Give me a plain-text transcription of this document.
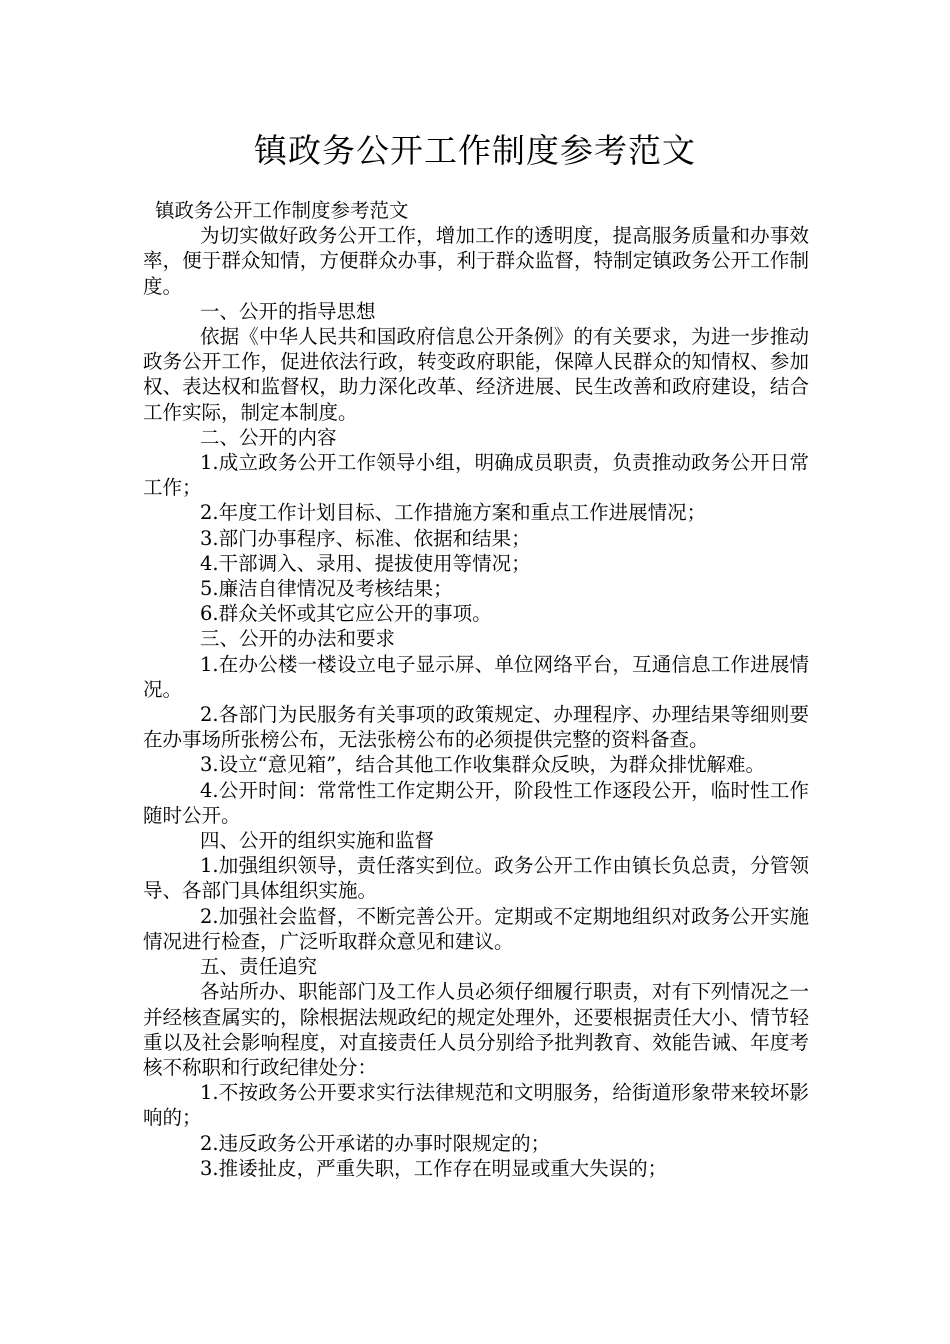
镇政务公开工作制度参考范文

镇政务公开工作制度参考范文

为切实做好政务公开工作，增加工作的透明度，提高服务质量和办事效率，便于群众知情，方便群众办事，利于群众监督，特制定镇政务公开工作制度。

一、公开的指导思想

依据《中华人民共和国政府信息公开条例》的有关要求，为进一步推动政务公开工作，促进依法行政，转变政府职能，保障人民群众的知情权、参加权、表达权和监督权，助力深化改革、经济进展、民生改善和政府建设，结合工作实际，制定本制度。

二、公开的内容

1.成立政务公开工作领导小组，明确成员职责，负责推动政务公开日常工作；

2.年度工作计划目标、工作措施方案和重点工作进展情况；

3.部门办事程序、标准、依据和结果；

4.干部调入、录用、提拔使用等情况；

5.廉洁自律情况及考核结果；

6.群众关怀或其它应公开的事项。

三、公开的办法和要求

1.在办公楼一楼设立电子显示屏、单位网络平台，互通信息工作进展情况。

2.各部门为民服务有关事项的政策规定、办理程序、办理结果等细则要在办事场所张榜公布，无法张榜公布的必须提供完整的资料备查。

3.设立“意见箱”，结合其他工作收集群众反映，为群众排忧解难。

4.公开时间：常常性工作定期公开，阶段性工作逐段公开，临时性工作随时公开。

四、公开的组织实施和监督

1.加强组织领导，责任落实到位。政务公开工作由镇长负总责，分管领导、各部门具体组织实施。

2.加强社会监督，不断完善公开。定期或不定期地组织对政务公开实施情况进行检查，广泛听取群众意见和建议。

五、责任追究

各站所办、职能部门及工作人员必须仔细履行职责，对有下列情况之一并经核查属实的，除根据法规政纪的规定处理外，还要根据责任大小、情节轻重以及社会影响程度，对直接责任人员分别给予批判教育、效能告诫、年度考核不称职和行政纪律处分：

1.不按政务公开要求实行法律规范和文明服务，给街道形象带来较坏影响的；

2.违反政务公开承诺的办事时限规定的；

3.推诿扯皮，严重失职，工作存在明显或重大失误的；
